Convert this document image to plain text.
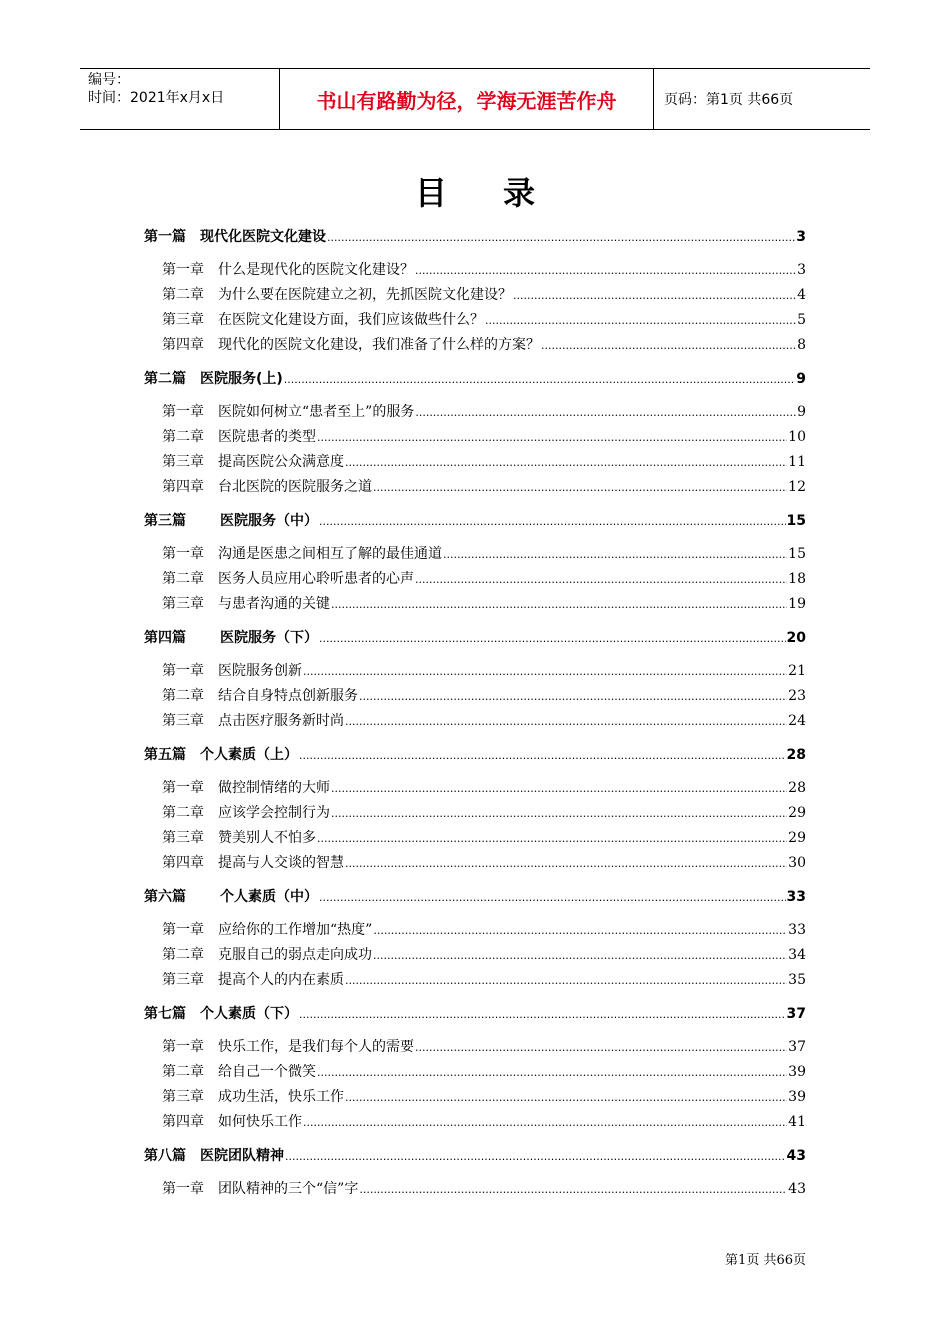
编号：
时间：2021年x月x日	书山有路勤为径，学海无涯苦作舟	页码：第1页 共66页
目录
第一篇 现代化医院文化建设 .....	3
第一章 什么是现代化的医院文化建设？ .....	3
第二章 为什么要在医院建立之初，先抓医院文化建设？ .....	4
第三章 在医院文化建设方面，我们应该做些什么？ .....	5
第四章 现代化的医院文化建设，我们准备了什么样的方案？ .....	8
第二篇 医院服务(上) .....	9
第一章 医院如何树立“患者至上”的服务 .....	9
第二章 医院患者的类型 .....	10
第三章 提高医院公众满意度 .....	11
第四章 台北医院的医院服务之道 .....	12
第三篇 医院服务（中） .....	15
第一章 沟通是医患之间相互了解的最佳通道 .....	15
第二章 医务人员应用心聆听患者的心声 .....	18
第三章 与患者沟通的关键 .....	19
第四篇 医院服务（下） .....	20
第一章 医院服务创新 .....	21
第二章 结合自身特点创新服务 .....	23
第三章 点击医疗服务新时尚 .....	24
第五篇 个人素质（上） .....	28
第一章 做控制情绪的大师 .....	28
第二章 应该学会控制行为 .....	29
第三章 赞美别人不怕多 .....	29
第四章 提高与人交谈的智慧 .....	30
第六篇 个人素质（中） .....	33
第一章 应给你的工作增加“热度” .....	33
第二章 克服自己的弱点走向成功 .....	34
第三章 提高个人的内在素质 .....	35
第七篇 个人素质（下） .....	37
第一章 快乐工作，是我们每个人的需要 .....	37
第二章 给自己一个微笑 .....	39
第三章 成功生活，快乐工作 .....	39
第四章 如何快乐工作 .....	41
第八篇 医院团队精神 .....	43
第一章 团队精神的三个“信”字 .....	43
第1页 共66页
